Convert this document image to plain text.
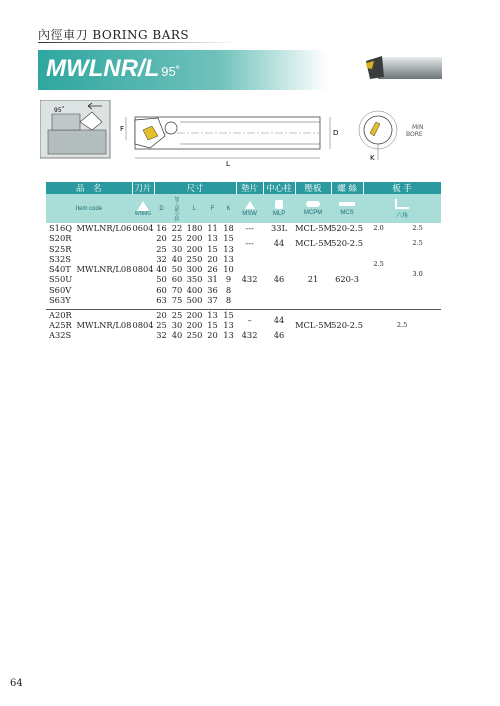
內徑車刀 BORING BARS
MWLNR/L 95˚
95˚
L
F	D
K
MIN
BORE
品　名		刀片	尺寸					墊片	中心柱	壓板	螺 絲	板 手	
Item code		WNMG	D	加工最小徑	L	F	K	MSW	MLP	MCPM	MCS	六角	

S16Q	MWLNR/L06	0604	16	22	180	11	18	---	33L	MCL-5M	520-2.5	2.0	2.5
S20R	MWLNR/L08	0804	20	25	200	13	15	---	44	MCL-5M	520-2.5	2.5	2.5
S25R			25	30	200	15	13						
S32S			32	40	250	20	13	432	46	21	620-3		3.0
S40T			40	50	300	26	10						
S50U			50	60	350	31	9						
S60V			60	70	400	36	8						
S63Y			63	75	500	37	8						

A20R	MWLNR/L08	0804	20	25	200	13	15	–	44	MCL-5M	520-2.5	2.5	
A25R			25	30	200	15	13						
A32S			32	40	250	20	13	432	46				
64
